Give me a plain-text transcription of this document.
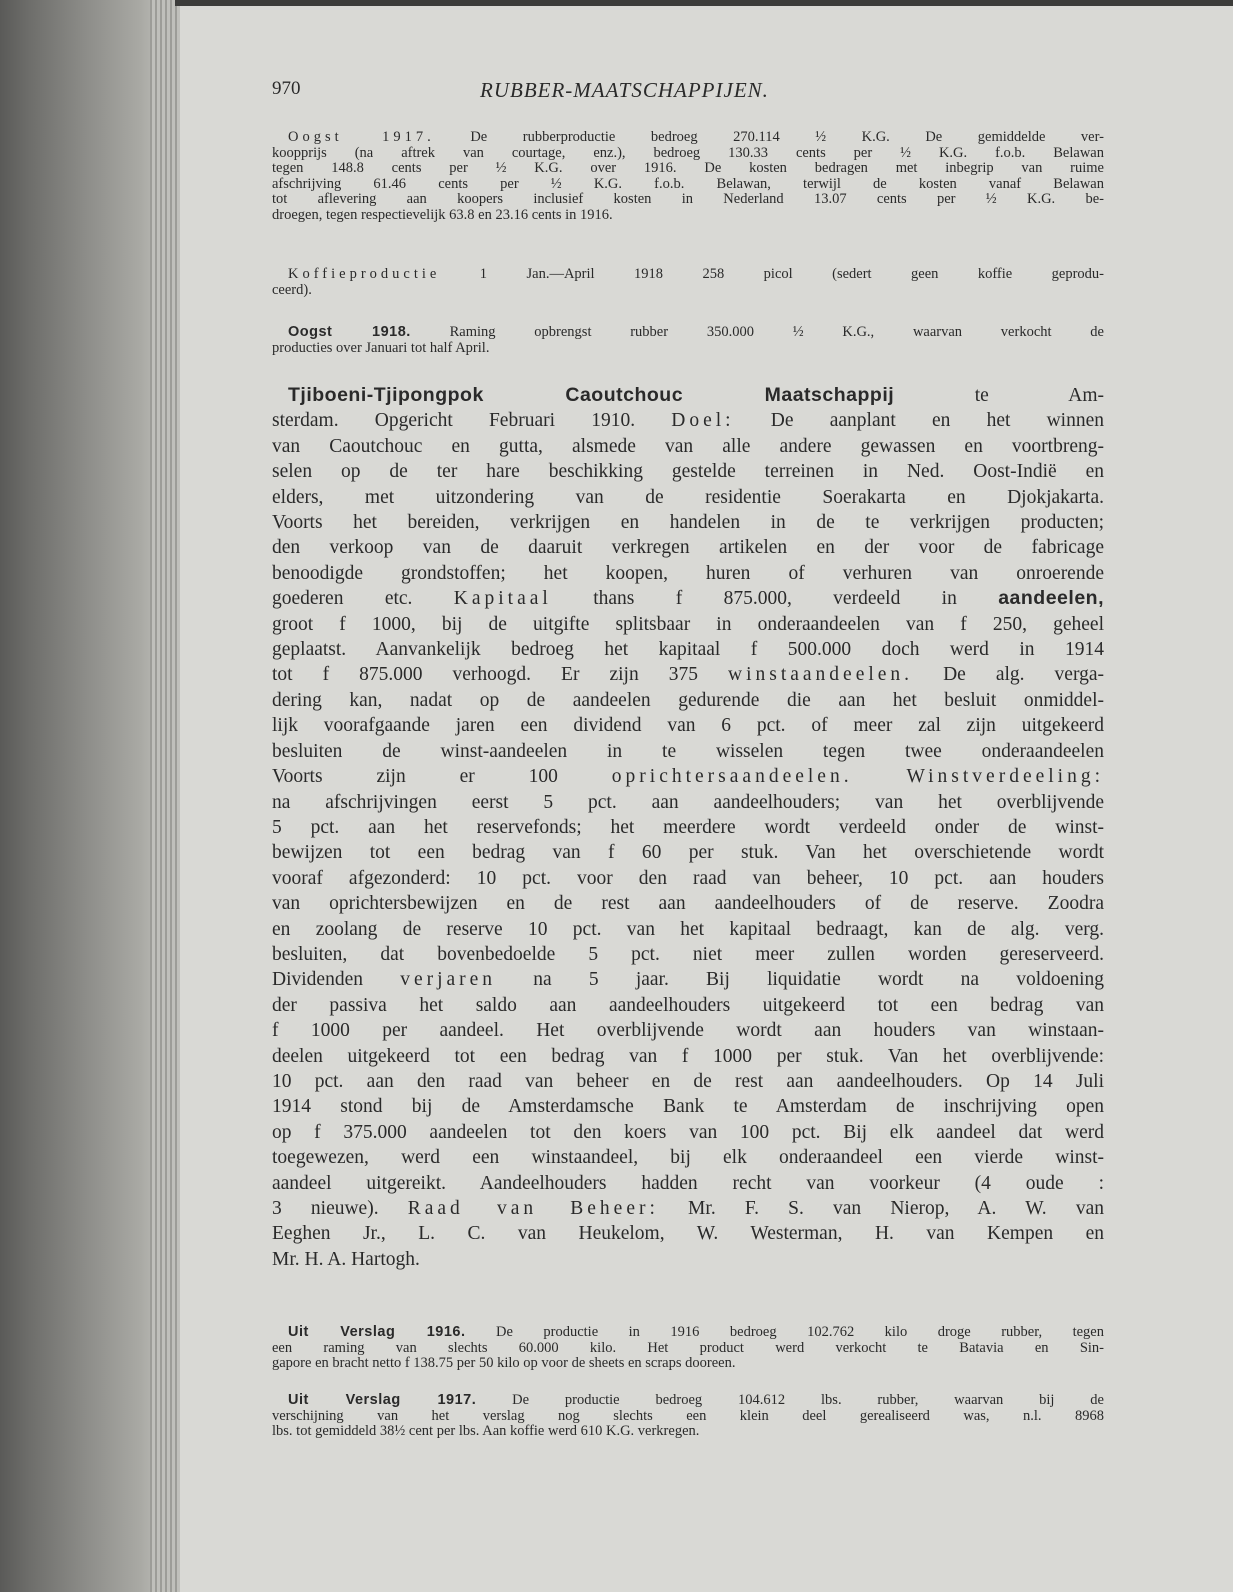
970	RUBBER-MAATSCHAPPIJEN.
Oogst 1917. De rubberproductie bedroeg 270.114 ½ K.G. De gemiddelde ver-
koopprijs (na aftrek van courtage, enz.), bedroeg 130.33 cents per ½ K.G. f.o.b. Belawan
tegen 148.8 cents per ½ K.G. over 1916. De kosten bedragen met inbegrip van ruime
afschrijving 61.46 cents per ½ K.G. f.o.b. Belawan, terwijl de kosten vanaf Belawan
tot aflevering aan koopers inclusief kosten in Nederland 13.07 cents per ½ K.G. be-
droegen, tegen respectievelijk 63.8 en 23.16 cents in 1916.
Koffieproductie 1 Jan.—April 1918 258 picol (sedert geen koffie geprodu-
ceerd).
Oogst 1918. Raming opbrengst rubber 350.000 ½ K.G., waarvan verkocht de
producties over Januari tot half April.
Tjiboeni-Tjipongpok Caoutchouc Maatschappij te Am-
sterdam. Opgericht Februari 1910. Doel: De aanplant en het winnen
van Caoutchouc en gutta, alsmede van alle andere gewassen en voortbreng-
selen op de ter hare beschikking gestelde terreinen in Ned. Oost-Indië en
elders, met uitzondering van de residentie Soerakarta en Djokjakarta.
Voorts het bereiden, verkrijgen en handelen in de te verkrijgen producten;
den verkoop van de daaruit verkregen artikelen en der voor de fabricage
benoodigde grondstoffen; het koopen, huren of verhuren van onroerende
goederen etc. Kapitaal thans f 875.000, verdeeld in aandeelen,
groot f 1000, bij de uitgifte splitsbaar in onderaandeelen van f 250, geheel
geplaatst. Aanvankelijk bedroeg het kapitaal f 500.000 doch werd in 1914
tot f 875.000 verhoogd. Er zijn 375 winstaandeelen. De alg. verga-
dering kan, nadat op de aandeelen gedurende die aan het besluit onmiddel-
lijk voorafgaande jaren een dividend van 6 pct. of meer zal zijn uitgekeerd
besluiten de winst-aandeelen in te wisselen tegen twee onderaandeelen
Voorts zijn er 100 oprichtersaandeelen.	Winstverdeeling:
na afschrijvingen eerst 5 pct. aan aandeelhouders; van het overblijvende
5 pct. aan het reservefonds; het meerdere wordt verdeeld onder de winst-
bewijzen tot een bedrag van f 60 per stuk. Van het overschietende wordt
vooraf afgezonderd: 10 pct. voor den raad van beheer, 10 pct. aan houders
van oprichtersbewijzen en de rest aan aandeelhouders of de reserve. Zoodra
en zoolang de reserve 10 pct. van het kapitaal bedraagt, kan de alg. verg.
besluiten, dat bovenbedoelde 5 pct. niet meer zullen worden gereserveerd.
Dividenden verjaren na 5 jaar. Bij liquidatie wordt na voldoening
der passiva het saldo aan aandeelhouders uitgekeerd tot een bedrag van
f 1000 per aandeel. Het overblijvende wordt aan houders van winstaan-
deelen uitgekeerd tot een bedrag van f 1000 per stuk. Van het overblijvende:
10 pct. aan den raad van beheer en de rest aan aandeelhouders. Op 14 Juli
1914 stond bij de Amsterdamsche Bank te Amsterdam de inschrijving open
op f 375.000 aandeelen tot den koers van 100 pct. Bij elk aandeel dat werd
toegewezen, werd een winstaandeel, bij elk onderaandeel een vierde winst-
aandeel uitgereikt. Aandeelhouders hadden recht van voorkeur (4 oude :
3 nieuwe). Raad van Beheer: Mr. F. S. van Nierop, A. W. van
Eeghen Jr., L. C. van Heukelom, W. Westerman, H. van Kempen en
Mr. H. A. Hartogh.
Uit Verslag 1916. De productie in 1916 bedroeg 102.762 kilo droge rubber, tegen
een raming van slechts 60.000 kilo. Het product werd verkocht te Batavia en Sin-
gapore en bracht netto f 138.75 per 50 kilo op voor de sheets en scraps dooreen.
Uit Verslag 1917. De productie bedroeg 104.612 lbs. rubber, waarvan bij de
verschijning van het verslag nog slechts een klein deel gerealiseerd was, n.l. 8968
lbs. tot gemiddeld 38½ cent per lbs. Aan koffie werd 610 K.G. verkregen.
